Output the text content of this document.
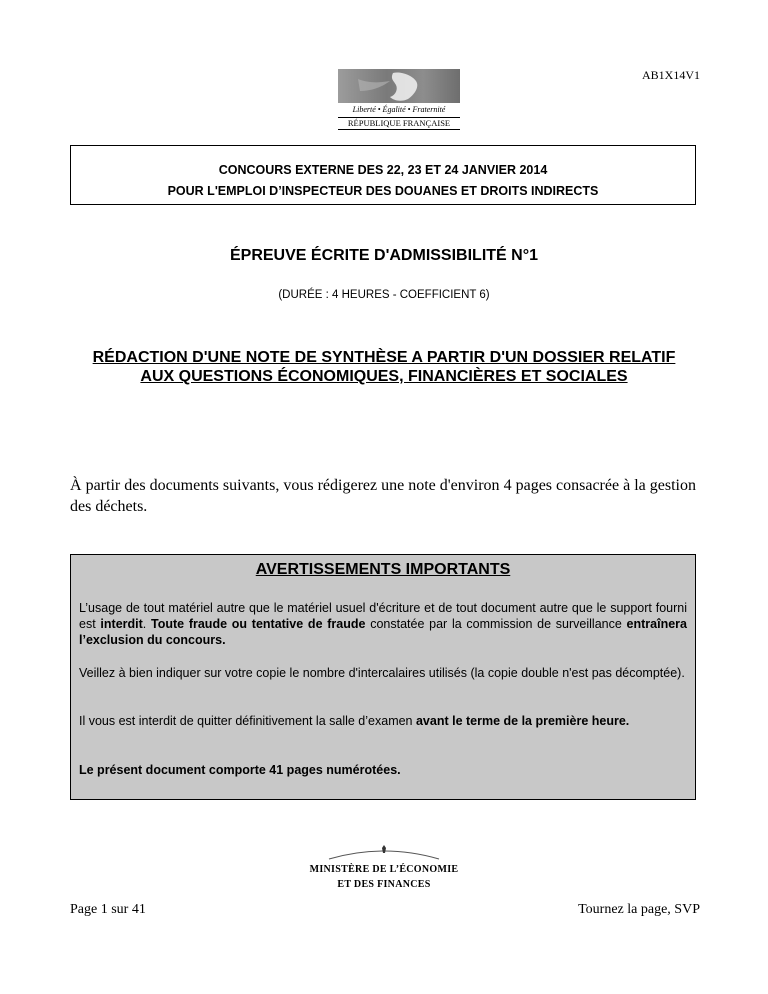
AB1X14V1
Liberté • Égalité • Fraternité
RÉPUBLIQUE FRANÇAISE
CONCOURS EXTERNE DES 22, 23 ET 24 JANVIER 2014
POUR L'EMPLOI D’INSPECTEUR DES DOUANES ET DROITS INDIRECTS
ÉPREUVE ÉCRITE D'ADMISSIBILITÉ N°1
(DURÉE : 4 HEURES - COEFFICIENT 6)
RÉDACTION D'UNE NOTE DE SYNTHÈSE A PARTIR D'UN DOSSIER RELATIF AUX QUESTIONS ÉCONOMIQUES, FINANCIÈRES ET SOCIALES
À partir des documents suivants, vous rédigerez une note d'environ 4 pages consacrée à la gestion des déchets.
AVERTISSEMENTS IMPORTANTS

L’usage de tout matériel autre que le matériel usuel d'écriture et de tout document autre que le support fourni est interdit. Toute fraude ou tentative de fraude constatée par la commission de surveillance entraînera l’exclusion du concours.

Veillez à bien indiquer sur votre copie le nombre d'intercalaires utilisés (la copie double n'est pas décomptée).

Il vous est interdit de quitter définitivement la salle d’examen avant le terme de la première heure.

Le présent document comporte 41 pages numérotées.

MINISTÈRE DE L’ÉCONOMIE
ET DES FINANCES
Page 1 sur 41	Tournez la page, SVP
